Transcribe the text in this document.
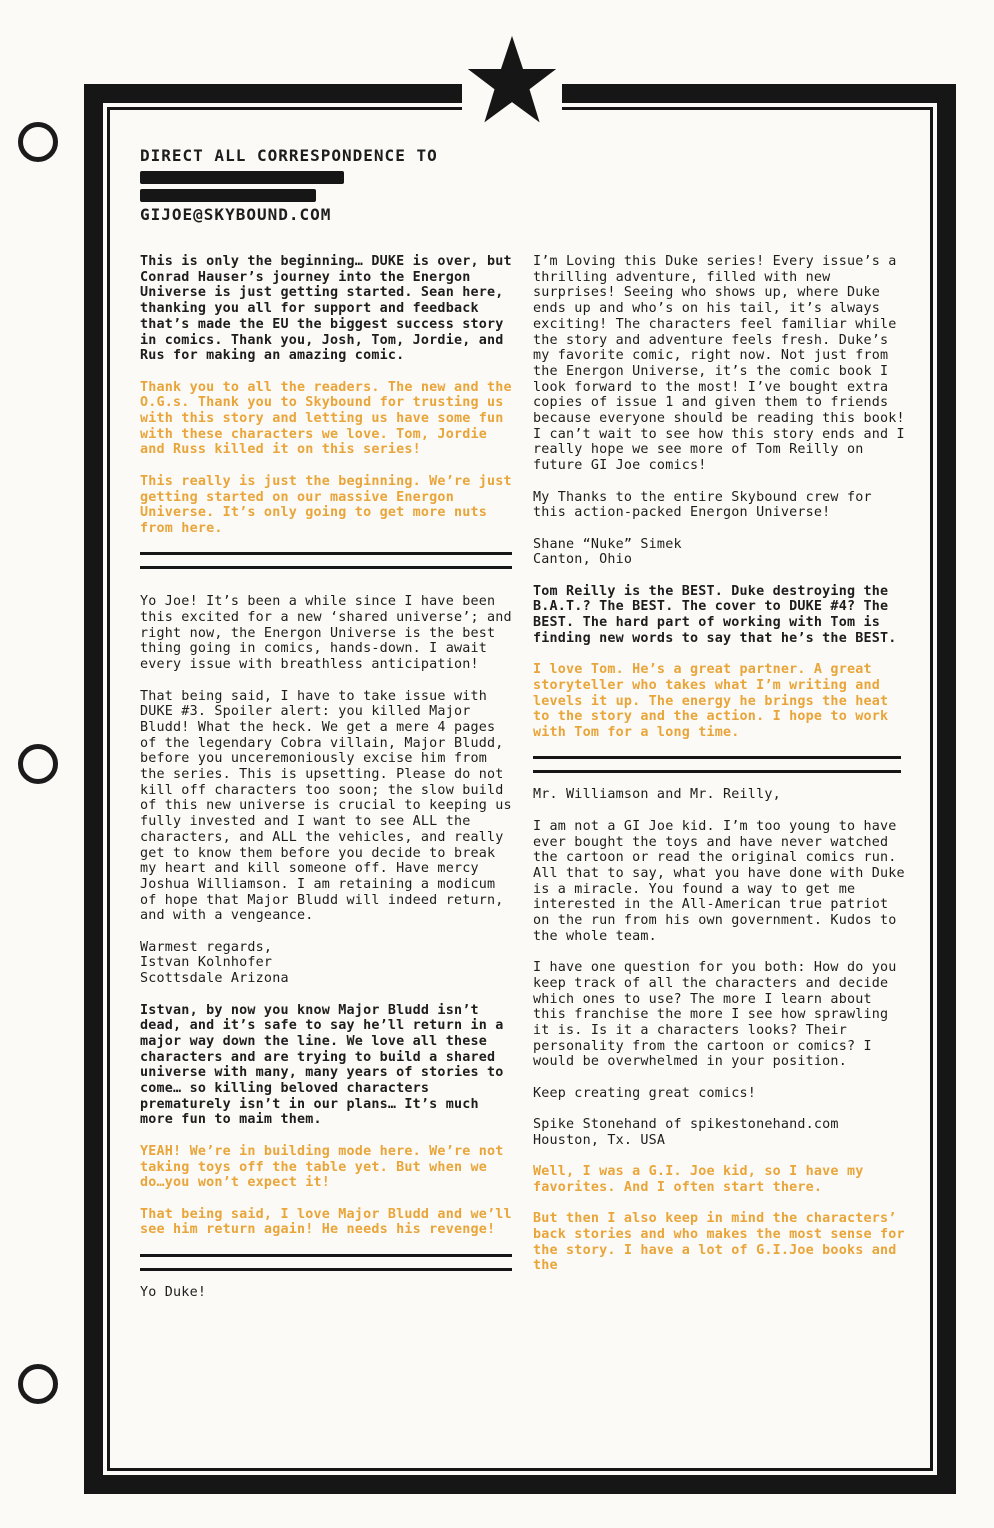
DIRECT ALL CORRESPONDENCE TO
GIJOE@SKYBOUND.COM
This is only the beginning… DUKE is over, but Conrad Hauser’s journey into the Energon Universe is just getting started. Sean here, thanking you all for support and feedback that’s made the EU the biggest success story in comics. Thank you, Josh, Tom, Jordie, and Rus for making an amazing comic.
Thank you to all the readers. The new and the O.G.s. Thank you to Skybound for trusting us with this story and letting us have some fun with these characters we love. Tom, Jordie and Russ killed it on this series!
This really is just the beginning. We’re just getting started on our massive Energon Universe. It’s only going to get more nuts from here.
Yo Joe! It’s been a while since I have been this excited for a new ‘shared universe’; and right now, the Energon Universe is the best thing going in comics, hands-down. I await every issue with breathless anticipation!
That being said, I have to take issue with DUKE #3. Spoiler alert: you killed Major Bludd! What the heck. We get a mere 4 pages of the legendary Cobra villain, Major Bludd, before you unceremoniously excise him from the series. This is upsetting. Please do not kill off characters too soon; the slow build of this new universe is crucial to keeping us fully invested and I want to see ALL the characters, and ALL the vehicles, and really get to know them before you decide to break my heart and kill someone off. Have mercy Joshua Williamson. I am retaining a modicum of hope that Major Bludd will indeed return, and with a vengeance.
Warmest regards,
Istvan Kolnhofer
Scottsdale Arizona
Istvan, by now you know Major Bludd isn’t dead, and it’s safe to say he’ll return in a major way down the line. We love all these characters and are trying to build a shared universe with many, many years of stories to come… so killing beloved characters prematurely isn’t in our plans… It’s much more fun to maim them.
YEAH! We’re in building mode here. We’re not taking toys off the table yet. But when we do…you won’t expect it!
That being said, I love Major Bludd and we’ll see him return again! He needs his revenge!
Yo Duke!
I’m Loving this Duke series! Every issue’s a thrilling adventure, filled with new surprises! Seeing who shows up, where Duke ends up and who’s on his tail, it’s always exciting! The characters feel familiar while the story and adventure feels fresh. Duke’s my favorite comic, right now. Not just from the Energon Universe, it’s the comic book I look forward to the most! I’ve bought extra copies of issue 1 and given them to friends because everyone should be reading this book! I can’t wait to see how this story ends and I really hope we see more of Tom Reilly on future GI Joe comics!
My Thanks to the entire Skybound crew for this action-packed Energon Universe!
Shane “Nuke” Simek
Canton, Ohio
Tom Reilly is the BEST. Duke destroying the B.A.T.? The BEST. The cover to DUKE #4? The BEST. The hard part of working with Tom is finding new words to say that he’s the BEST.
I love Tom. He’s a great partner. A great storyteller who takes what I’m writing and levels it up. The energy he brings the heat to the story and the action. I hope to work with Tom for a long time.
Mr. Williamson and Mr. Reilly,
I am not a GI Joe kid. I’m too young to have ever bought the toys and have never watched the cartoon or read the original comics run. All that to say, what you have done with Duke is a miracle. You found a way to get me interested in the All-American true patriot on the run from his own government. Kudos to the whole team.
I have one question for you both: How do you keep track of all the characters and decide which ones to use? The more I learn about this franchise the more I see how sprawling it is. Is it a characters looks? Their personality from the cartoon or comics? I would be overwhelmed in your position.
Keep creating great comics!
Spike Stonehand of spikestonehand.com
Houston, Tx. USA
Well, I was a G.I. Joe kid, so I have my favorites. And I often start there.
But then I also keep in mind the characters’ back stories and who makes the most sense for the story. I have a lot of G.I.Joe books and the
